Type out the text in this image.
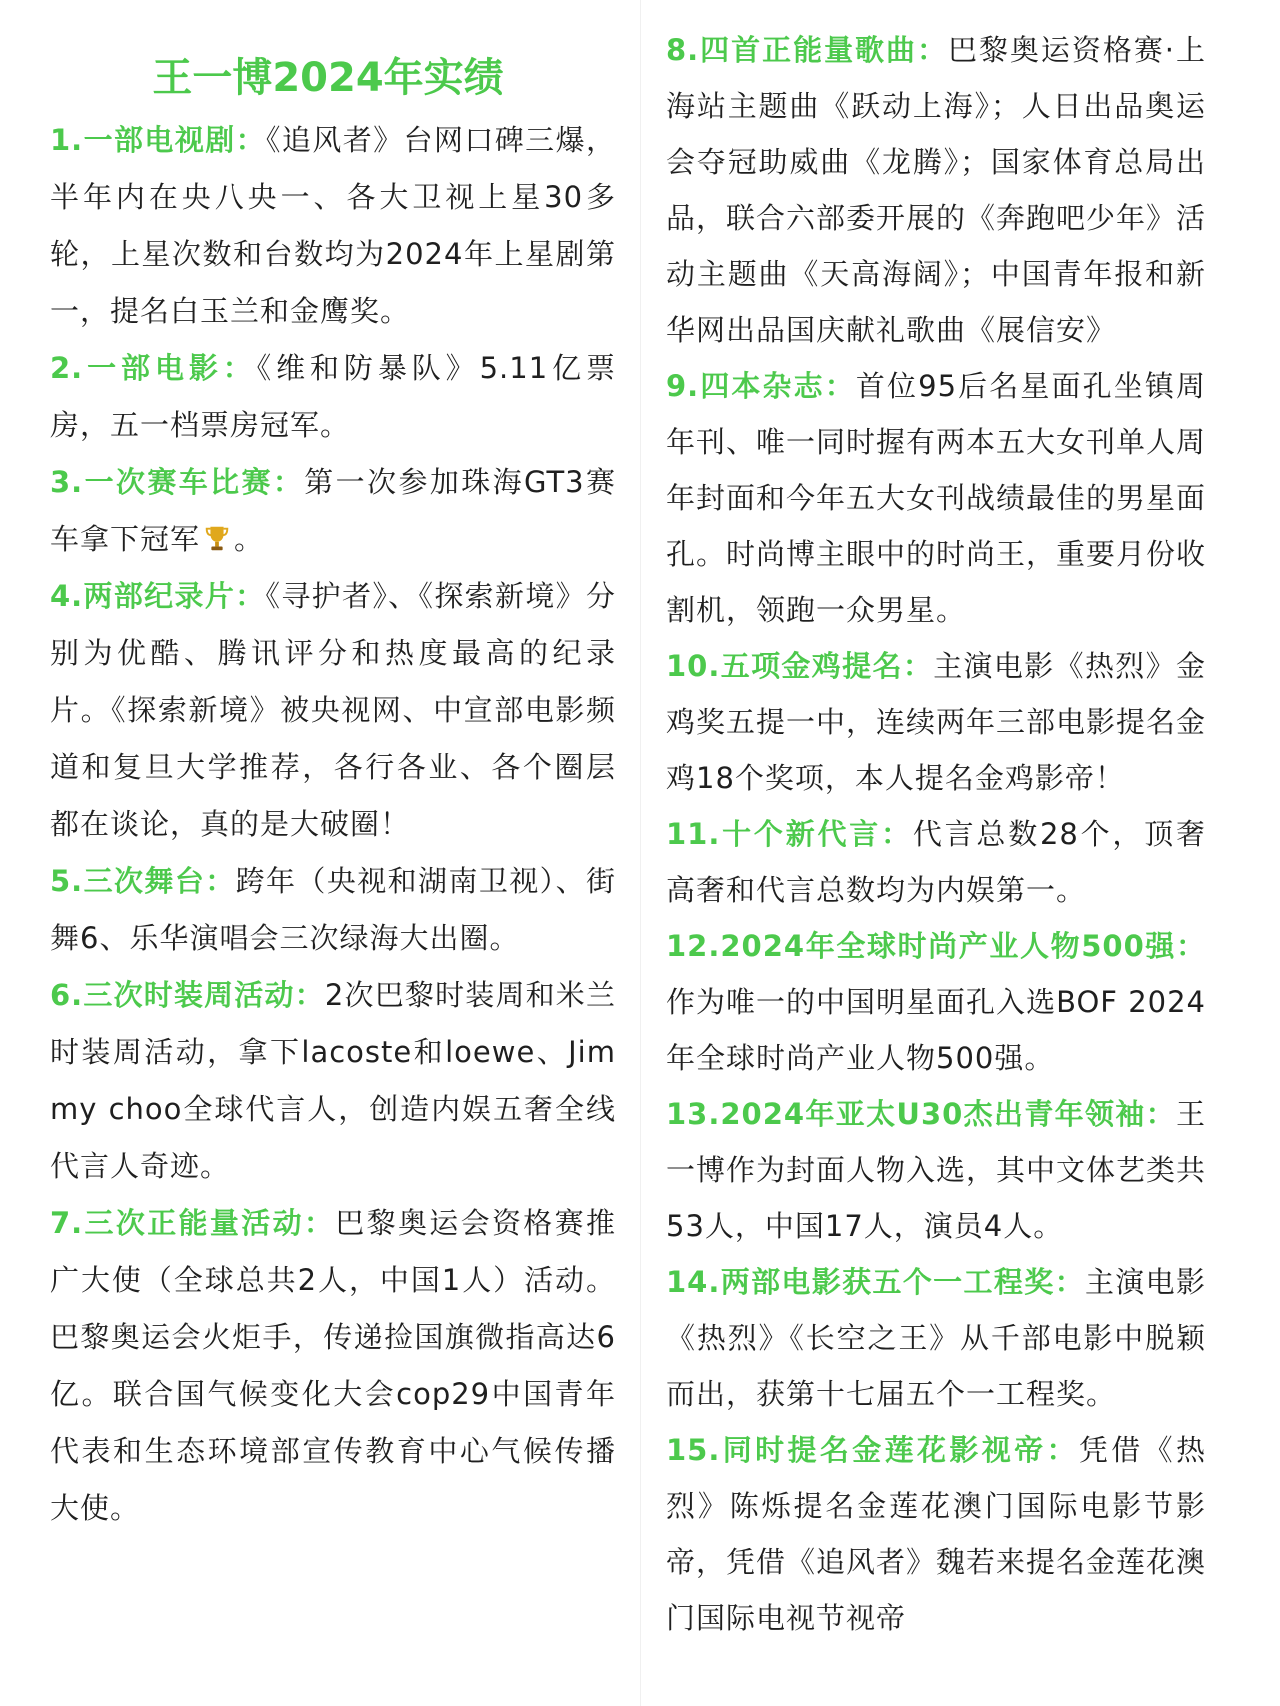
王一博2024年实绩

1.一部电视剧：《追风者》台网口碑三爆，半年内在央八央一、各大卫视上星30多轮，上星次数和台数均为2024年上星剧第一，提名白玉兰和金鹰奖。

2.一部电影：《维和防暴队》5.11亿票房，五一档票房冠军。

3.一次赛车比赛：第一次参加珠海GT3赛车拿下冠军 。

4.两部纪录片：《寻护者》、《探索新境》分别为优酷、腾讯评分和热度最高的纪录片。《探索新境》被央视网、中宣部电影频道和复旦大学推荐，各行各业、各个圈层都在谈论，真的是大破圈！

5.三次舞台：跨年（央视和湖南卫视）、街舞6、乐华演唱会三次绿海大出圈。

6.三次时装周活动：2次巴黎时装周和米兰时装周活动，拿下lacoste和loewe、Jimmy choo全球代言人，创造内娱五奢全线代言人奇迹。

7.三次正能量活动：巴黎奥运会资格赛推广大使（全球总共2人，中国1人）活动。巴黎奥运会火炬手，传递捡国旗微指高达6亿。联合国气候变化大会cop29中国青年代表和生态环境部宣传教育中心气候传播大使。

8.四首正能量歌曲：巴黎奥运资格赛·上海站主题曲《跃动上海》；人日出品奥运会夺冠助威曲《龙腾》；国家体育总局出品，联合六部委开展的《奔跑吧少年》活动主题曲《天高海阔》；中国青年报和新华网出品国庆献礼歌曲《展信安》

9.四本杂志：首位95后名星面孔坐镇周年刊、唯一同时握有两本五大女刊单人周年封面和今年五大女刊战绩最佳的男星面孔。时尚博主眼中的时尚王，重要月份收割机，领跑一众男星。

10.五项金鸡提名：主演电影《热烈》金鸡奖五提一中，连续两年三部电影提名金鸡18个奖项，本人提名金鸡影帝！

11.十个新代言：代言总数28个，顶奢高奢和代言总数均为内娱第一。

12.2024年全球时尚产业人物500强：作为唯一的中国明星面孔入选BOF 2024年全球时尚产业人物500强。

13.2024年亚太U30杰出青年领袖：王一博作为封面人物入选，其中文体艺类共53人，中国17人，演员4人。

14.两部电影获五个一工程奖：主演电影《热烈》《长空之王》从千部电影中脱颖而出，获第十七届五个一工程奖。

15.同时提名金莲花影视帝：凭借《热烈》陈烁提名金莲花澳门国际电影节影帝，凭借《追风者》魏若来提名金莲花澳门国际电视节视帝
